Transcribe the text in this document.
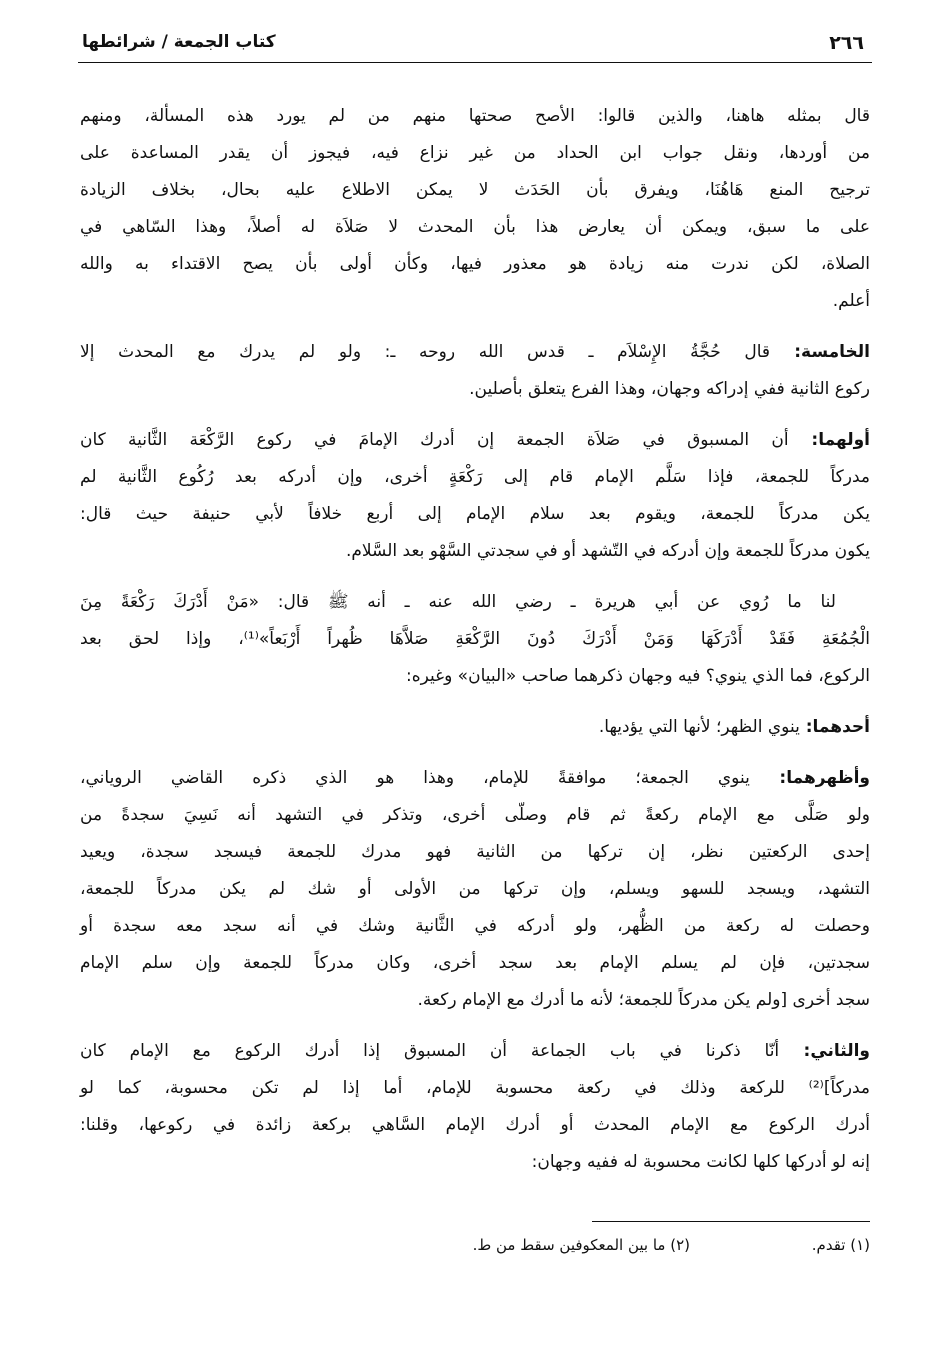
٢٦٦
كتاب الجمعة / شرائطها
قال بمثله هاهنا، والذين قالوا: الأصح صحتها منهم من لم يورد هذه المسألة، ومنهم
من أوردها، ونقل جواب ابن الحداد من غير نزاع فيه، فيجوز أن يقدر المساعدة على
ترجيح المنع هَاهُنَا، ويفرق بأن الحَدَث لا يمكن الاطلاع عليه بحال، بخلاف الزيادة
على ما سبق، ويمكن أن يعارض هذا بأن المحدث لا صَلاَة له أصلاً، وهذا السّاهي في
الصلاة، لكن ندرت منه زيادة هو معذور فيها، وكأن أولى بأن يصح الاقتداء به والله
أعلم.
الخامسة: قال حُجَّةُ الإِسْلاَم ـ قدس الله روحه ـ: ولو لم يدرك مع المحدث إلا
ركوع الثانية ففي إدراكه وجهان، وهذا الفرع يتعلق بأصلين.
أولهما: أن المسبوق في صَلاَة الجمعة إن أدرك الإمامَ في ركوع الرَّكْعَة الثَّانية كان
مدركاً للجمعة، فإذا سَلَّم الإمام قام إلى رَكْعَةٍ أخرى، وإن أدركه بعد رُكُوع الثَّانية لم
يكن مدركاً للجمعة، ويقوم بعد سلام الإمام إلى أربع خلافاً لأبي حنيفة حيث قال:
يكون مدركاً للجمعة وإن أدركه في التّشهد أو في سجدتي السَّهْو بعد السَّلام.
لنا ما رُوي عن أبي هريرة ـ رضي الله عنه ـ أنه ﷺ قال: «مَنْ أَدْرَكَ رَكْعَةً مِنَ
الْجُمُعَةِ فَقَدْ أَدْرَكَهَا وَمَنْ أَدْرَكَ دُونَ الرَّكْعَةِ صَلاَّهَا ظُهراً أَرْبَعاً»⁽¹⁾، وإذا لحق بعد
الركوع، فما الذي ينوي؟ فيه وجهان ذكرهما صاحب «البيان» وغيره:
أحدهما: ينوي الظهر؛ لأنها التي يؤديها.
وأظهرهما: ينوي الجمعة؛ موافقةً للإمام، وهذا هو الذي ذكره القاضي الروياني،
ولو صَلَّى مع الإمام ركعةً ثم قام وصلّى أخرى، وتذكر في التشهد أنه نَسِيَ سجدةً من
إحدى الركعتين نظر، إن تركها من الثانية فهو مدرك للجمعة فيسجد سجدة، ويعيد
التشهد، ويسجد للسهو ويسلم، وإن تركها من الأولى أو شك لم يكن مدركاً للجمعة،
وحصلت له ركعة من الظُّهر، ولو أدركه في الثَّانية وشك في أنه سجد معه سجدة أو
سجدتين، فإن لم يسلم الإمام بعد سجد أخرى، وكان مدركاً للجمعة وإن سلم الإمام
سجد أخرى [ولم يكن مدركاً للجمعة؛ لأنه ما أدرك مع الإمام ركعة.
والثاني: أنّا ذكرنا في باب الجماعة أن المسبوق إذا أدرك الركوع مع الإمام كان
مدركاً]⁽²⁾ للركعة وذلك في ركعة محسوبة للإمام، أما إذا لم تكن محسوبة، كما لو
أدرك الركوع مع الإمام المحدث أو أدرك الإمام السَّاهي بركعة زائدة في ركوعها، وقلنا:
إنه لو أدركها كلها لكانت محسوبة له ففيه وجهان:
(١) تقدم.
(٢) ما بين المعكوفين سقط من ط.
